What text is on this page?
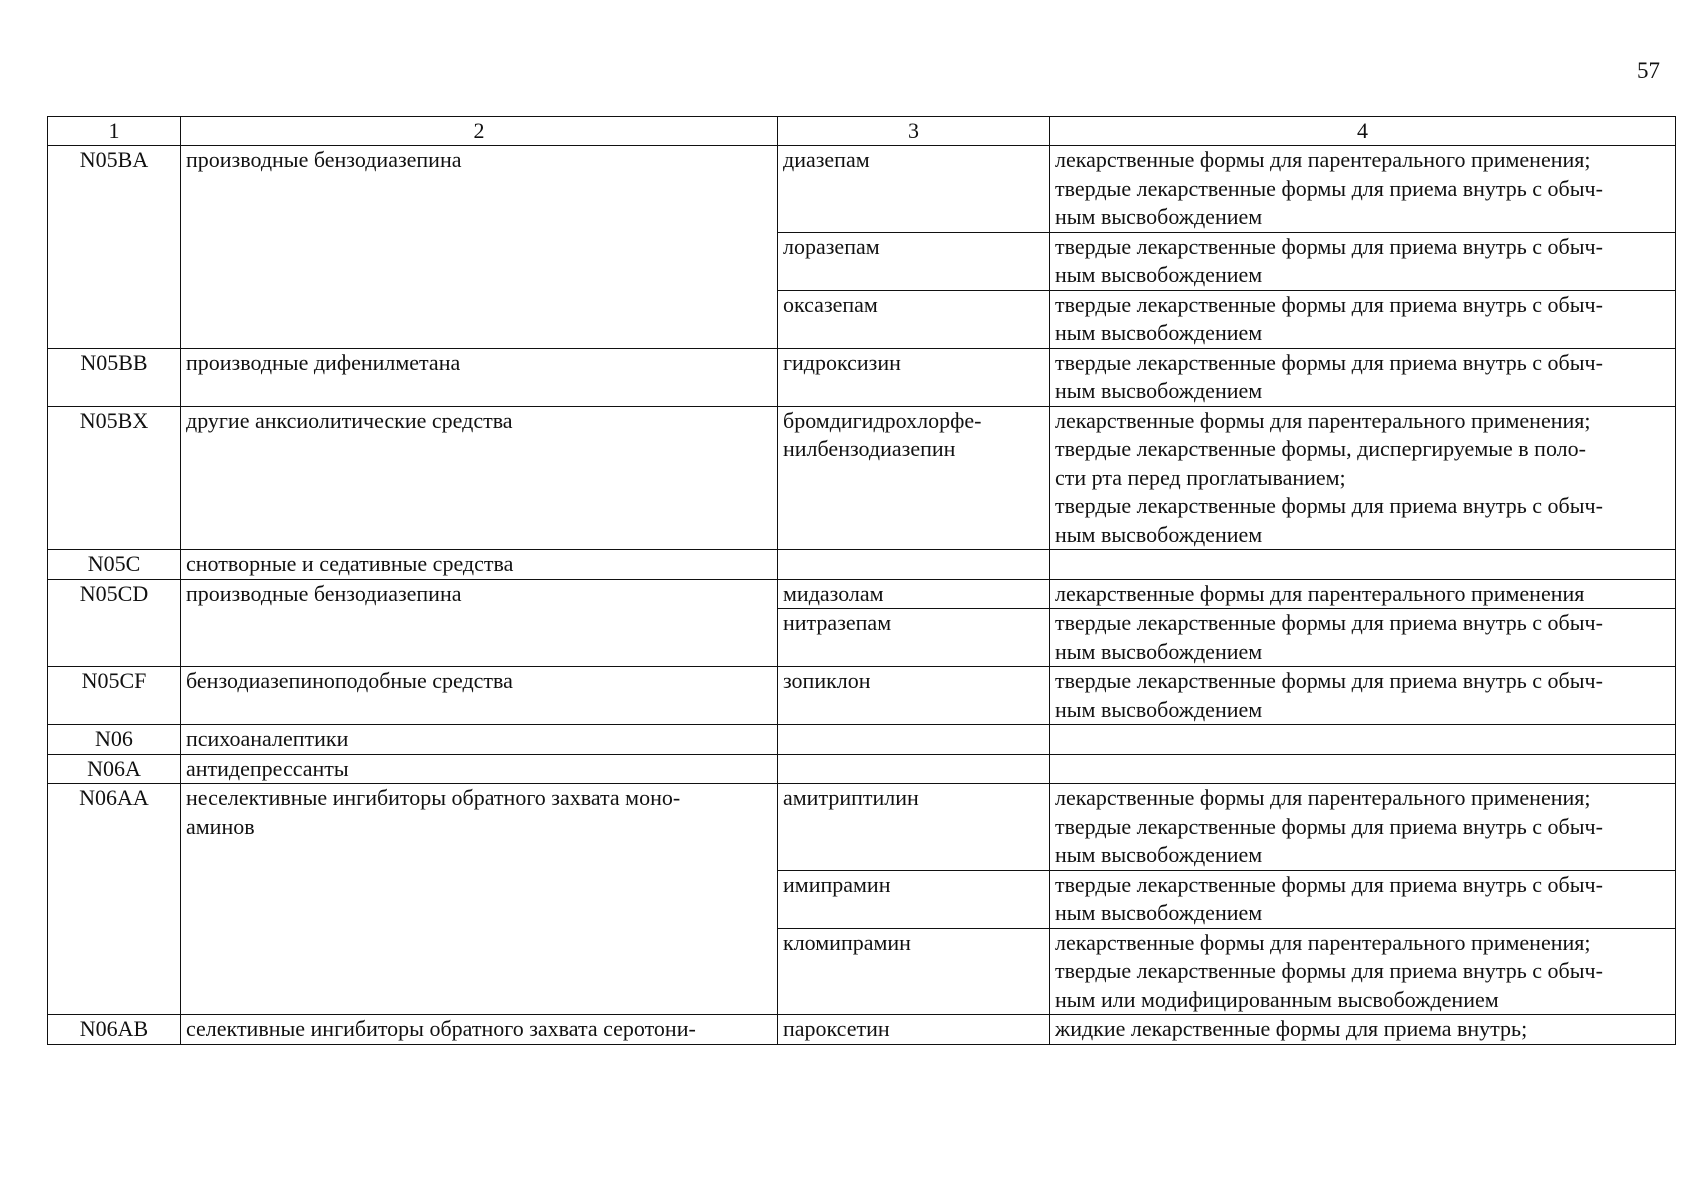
57
1	2	3	4
N05BA	производные бензодиазепина	диазепам	лекарственные формы для парентерального применения;
твердые лекарственные формы для приема внутрь с обыч-
ным высвобождением

		лоразепам	твердые лекарственные формы для приема внутрь с обыч-
ным высвобождением

		оксазепам	твердые лекарственные формы для приема внутрь с обыч-
ным высвобождением

N05BB	производные дифенилметана	гидроксизин	твердые лекарственные формы для приема внутрь с обыч-
ным высвобождением

N05BX	другие анксиолитические средства	бромдигидрохлорфе-
нилбензодиазепин	лекарственные формы для парентерального применения;
твердые лекарственные формы, диспергируемые в поло-
сти рта перед проглатыванием;
твердые лекарственные формы для приема внутрь с обыч-
ным высвобождением

N05C	снотворные и седативные средства		
N05CD	производные бензодиазепина	мидазолам	лекарственные формы для парентерального применения

		нитразепам	твердые лекарственные формы для приема внутрь с обыч-
ным высвобождением

N05CF	бензодиазепиноподобные средства	зопиклон	твердые лекарственные формы для приема внутрь с обыч-
ным высвобождением

N06	психоаналептики		
N06A	антидепрессанты		
N06AA	неселективные ингибиторы обратного захвата моно-
аминов	амитриптилин	лекарственные формы для парентерального применения;
твердые лекарственные формы для приема внутрь с обыч-
ным высвобождением

		имипрамин	твердые лекарственные формы для приема внутрь с обыч-
ным высвобождением

		кломипрамин	лекарственные формы для парентерального применения;
твердые лекарственные формы для приема внутрь с обыч-
ным или модифицированным высвобождением

N06AB	селективные ингибиторы обратного захвата серотони-	пароксетин	жидкие лекарственные формы для приема внутрь;
